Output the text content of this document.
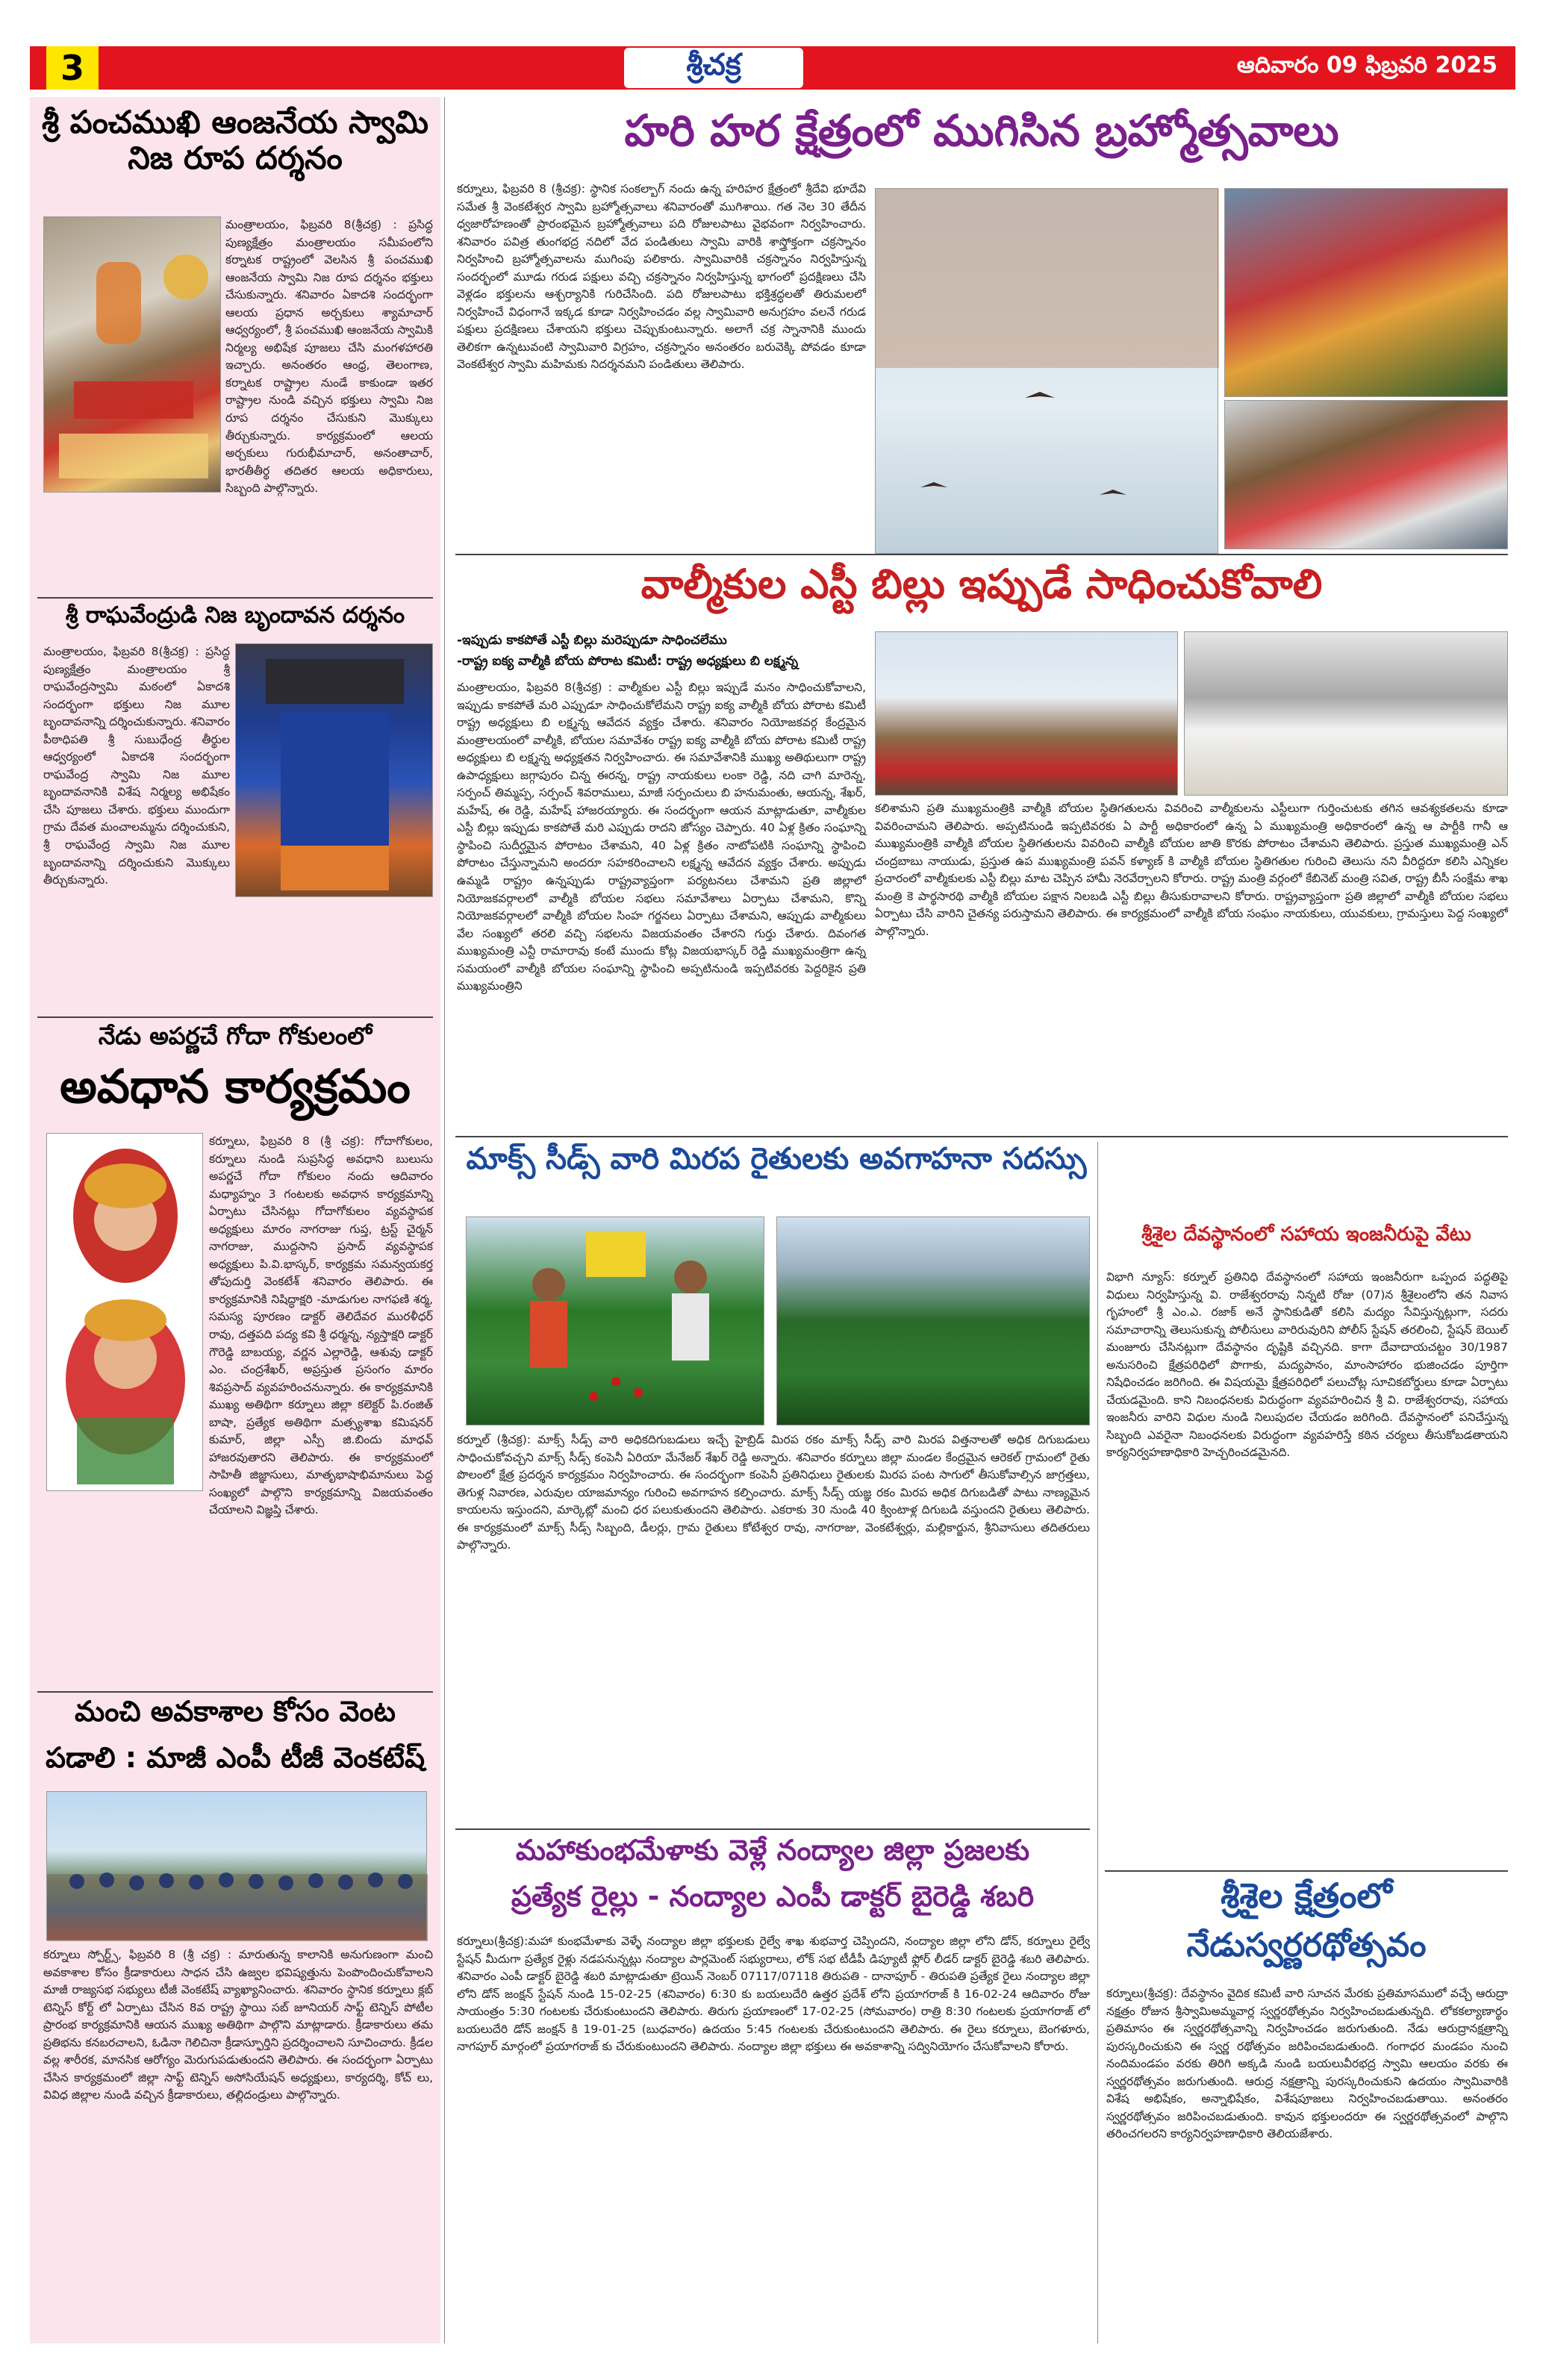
3	శ్రీచక్ర	ఆదివారం 09 ఫిబ్రవరి 2025
శ్రీ పంచముఖి ఆంజనేయ స్వామి నిజ రూప దర్శనం
మంత్రాలయం, ఫిబ్రవరి 8(శ్రీచక్ర) : ప్రసిద్ధ పుణ్యక్షేత్రం మంత్రాలయం సమీపంలోని కర్నాటక రాష్ట్రంలో వెలసిన శ్రీ పంచముఖి ఆంజనేయ స్వామి నిజ రూప దర్శనం భక్తులు చేసుకున్నారు. శనివారం ఏకాదశి సందర్భంగా ఆలయ ప్రధాన అర్చకులు శ్యామాచార్ ఆధ్వర్యంలో, శ్రీ పంచముఖి ఆంజనేయ స్వామికి నిర్మల్య అభిషేక పూజలు చేసి మంగళహారతి ఇచ్చారు. అనంతరం ఆంధ్ర, తెలంగాణ, కర్నాటక రాష్ట్రాల నుండే కాకుండా ఇతర రాష్ట్రాల నుండి వచ్చిన భక్తులు స్వామి నిజ రూప దర్శనం చేసుకుని మొక్కులు తీర్చుకున్నారు. కార్యక్రమంలో ఆలయ అర్చకులు గురుభీమాచార్, అనంతాచార్, భారతీతీర్థ తదితర ఆలయ అధికారులు, సిబ్బంది పాల్గొన్నారు.
శ్రీ రాఘవేంద్రుడి నిజ బృందావన దర్శనం
మంత్రాలయం, ఫిబ్రవరి 8(శ్రీచక్ర) : ప్రసిద్ధ పుణ్యక్షేత్రం మంత్రాలయం శ్రీ రాఘవేంద్రస్వామి మఠంలో ఏకాదశి సందర్భంగా భక్తులు నిజ మూల బృందావనాన్ని దర్శించుకున్నారు. శనివారం పీఠాధిపతి శ్రీ సుబుధేంద్ర తీర్థుల ఆధ్వర్యంలో ఏకాదశి సందర్భంగా రాఘవేంద్ర స్వామి నిజ మూల బృందావనానికి విశేష నిర్మల్య అభిషేకం చేసి పూజలు చేశారు. భక్తులు ముందుగా గ్రామ దేవత మంచాలమ్మను దర్శించుకుని, శ్రీ రాఘవేంద్ర స్వామి నిజ మూల బృందావనాన్ని దర్శించుకుని మొక్కులు తీర్చుకున్నారు.
నేడు అపర్ణచే గోదా గోకులంలో
అవధాన కార్యక్రమం
కర్నూలు, ఫిబ్రవరి 8 (శ్రీ చక్ర): గోదాగోకులం, కర్నూలు నుండి సుప్రసిద్ధ అవధాని బులుసు అపర్ణచే గోదా గోకులం నందు ఆదివారం మధ్యాహ్నం 3 గంటలకు అవధాన కార్యక్రమాన్ని ఏర్పాటు చేసినట్లు గోదాగోకులం వ్యవస్థాపక అధ్యక్షులు మారం నాగరాజు గుప్త, ట్రస్ట్ చైర్మన్ నాగరాజు, ముద్దసాని ప్రసాద్ వ్యవస్థాపక అధ్యక్షులు పి.వి.భాస్కర్, కార్యక్రమ సమన్వయకర్త తోపుదుర్తి వెంకటేశ్ శనివారం తెలిపారు. ఈ కార్యక్రమానికి నిషిద్ధాక్షరి -మాడుగుల నాగఫణి శర్మ, సమస్య పూరణం డాక్టర్ తెలిదేవర మురళీధర్ రావు, దత్తపది పద్య కవి శ్రీ ధర్మన్న, న్యస్తాక్షరి డాక్టర్ గౌరెడ్డి బాబయ్య, వర్ణన ఎల్లారెడ్డి, ఆశువు డాక్టర్ ఎం. చంద్రశేఖర్, అప్రస్తుత ప్రసంగం మారం శివప్రసాద్ వ్యవహరించనున్నారు. ఈ కార్యక్రమానికి ముఖ్య అతిథిగా కర్నూలు జిల్లా కలెక్టర్ పి.రంజిత్ బాషా, ప్రత్యేక అతిథిగా మత్స్యశాఖ కమిషనర్ కుమార్, జిల్లా ఎస్పీ జి.బిందు మాధవ్ హాజరవుతారని తెలిపారు. ఈ కార్యక్రమంలో సాహితీ జిజ్ఞాసులు, మాతృభాషాభిమానులు పెద్ద సంఖ్యలో పాల్గొని కార్యక్రమాన్ని విజయవంతం చేయాలని విజ్ఞప్తి చేశారు.
మంచి అవకాశాల కోసం వెంట
పడాలి : మాజీ ఎంపీ టీజీ వెంకటేష్
కర్నూలు స్పోర్ట్స్, ఫిబ్రవరి 8 (శ్రీ చక్ర) : మారుతున్న కాలానికి అనుగుణంగా మంచి అవకాశాల కోసం క్రీడాకారులు సాధన చేసి ఉజ్వల భవిష్యత్తును పెంపొందించుకోవాలని మాజీ రాజ్యసభ సభ్యులు టీజీ వెంకటేష్ వ్యాఖ్యానించారు. శనివారం స్థానిక కర్నూలు క్లబ్ టెన్నిస్ కోర్ట్ లో ఏర్పాటు చేసిన 8వ రాష్ట్ర స్థాయి సబ్ జూనియర్ సాఫ్ట్ టెన్నిస్ పోటీల ప్రారంభ కార్యక్రమానికి ఆయన ముఖ్య అతిథిగా పాల్గొని మాట్లాడారు. క్రీడాకారులు తమ ప్రతిభను కనబరచాలని, ఓడినా గెలిచినా క్రీడాస్ఫూర్తిని ప్రదర్శించాలని సూచించారు. క్రీడల వల్ల శారీరక, మానసిక ఆరోగ్యం మెరుగుపడుతుందని తెలిపారు. ఈ సందర్భంగా ఏర్పాటు చేసిన కార్యక్రమంలో జిల్లా సాఫ్ట్ టెన్నిస్ అసోసియేషన్ అధ్యక్షులు, కార్యదర్శి, కోచ్ లు, వివిధ జిల్లాల నుండి వచ్చిన క్రీడాకారులు, తల్లిదండ్రులు పాల్గొన్నారు.
హరి హర క్షేత్రంలో ముగిసిన బ్రహ్మోత్సవాలు
కర్నూలు, ఫిబ్రవరి 8 (శ్రీచక్ర): స్థానిక సంకల్బాగ్ నందు ఉన్న హరిహర క్షేత్రంలో శ్రీదేవి భూదేవి సమేత శ్రీ వెంకటేశ్వర స్వామి బ్రహ్మోత్సవాలు శనివారంతో ముగిశాయి. గత నెల 30 తేదీన ధ్వజారోహణంతో ప్రారంభమైన బ్రహ్మోత్సవాలు పది రోజులపాటు వైభవంగా నిర్వహించారు. శనివారం పవిత్ర తుంగభద్ర నదిలో వేద పండితులు స్వామి వారికి శాస్త్రోక్తంగా చక్రస్నానం నిర్వహించి బ్రహ్మోత్సవాలను ముగింపు పలికారు. స్వామివారికి చక్రస్నానం నిర్వహిస్తున్న సందర్భంలో మూడు గరుడ పక్షులు వచ్చి చక్రస్నానం నిర్వహిస్తున్న భాగంలో ప్రదక్షిణలు చేసి వెళ్లడం భక్తులను ఆశ్చర్యానికి గురిచేసింది. పది రోజులపాటు భక్తిశ్రద్ధలతో తిరుమలలో నిర్వహించే విధంగానే ఇక్కడ కూడా నిర్వహించడం వల్ల స్వామివారి అనుగ్రహం వలనే గరుడ పక్షులు ప్రదక్షిణలు చేశాయని భక్తులు చెప్పుకుంటున్నారు. అలాగే చక్ర స్నానానికి ముందు తెలికగా ఉన్నటువంటి స్వామివారి విగ్రహం, చక్రస్నానం అనంతరం బరువెక్కి పోవడం కూడా వెంకటేశ్వర స్వామి మహిమకు నిదర్శనమని పండితులు తెలిపారు.
వాల్మీకుల ఎస్టీ బిల్లు ఇప్పుడే సాధించుకోవాలి
-ఇప్పుడు కాకపోతే ఎస్టీ బిల్లు మరెప్పుడూ సాధించలేము
-రాష్ట్ర ఐక్య వాల్మీకి బోయ పోరాట కమిటీ: రాష్ట్ర అధ్యక్షులు బి లక్ష్మన్న
మంత్రాలయం, ఫిబ్రవరి 8(శ్రీచక్ర) : వాల్మీకుల ఎస్టీ బిల్లు ఇప్పుడే మనం సాధించుకోవాలని, ఇప్పుడు కాకపోతే మరి ఎప్పుడూ సాధించుకోలేమని రాష్ట్ర ఐక్య వాల్మీకి బోయ పోరాట కమిటీ రాష్ట్ర అధ్యక్షులు బి లక్ష్మన్న ఆవేదన వ్యక్తం చేశారు. శనివారం నియోజకవర్గ కేంద్రమైన మంత్రాలయంలో వాల్మీకి, బోయల సమావేశం రాష్ట్ర ఐక్య వాల్మీకి బోయ పోరాట కమిటీ రాష్ట్ర అధ్యక్షులు బి లక్ష్మన్న అధ్యక్షతన నిర్వహించారు. ఈ సమావేశానికి ముఖ్య అతిథులుగా రాష్ట్ర ఉపాధ్యక్షులు జగ్గాపురం చిన్న ఈరన్న, రాష్ట్ర నాయకులు లంకా రెడ్డి, నది చాగి మారెన్న, సర్పంచ్ తిమ్మప్ప, సర్పంచ్ శివరాములు, మాజీ సర్పంచులు బి హనుమంతు, ఆయన్న, శేఖర్, మహేష్, ఈ రెడ్డి, మహేష్ హాజరయ్యారు. ఈ సందర్భంగా ఆయన మాట్లాడుతూ, వాల్మీకుల ఎస్టీ బిల్లు ఇప్పుడు కాకపోతే మరి ఎప్పుడు రాదని జోస్యం చెప్పారు. 40 ఏళ్ల క్రితం సంఘాన్ని స్థాపించి సుదీర్ఘమైన పోరాటం చేశామని, 40 ఏళ్ల క్రితం నాటోపటికి సంఘాన్ని స్థాపించి పోరాటం చేస్తున్నామని అందరూ సహకరించాలని లక్ష్మన్న ఆవేదన వ్యక్తం చేశారు. అప్పుడు ఉమ్మడి రాష్ట్రం ఉన్నప్పుడు రాష్ట్రవ్యాప్తంగా పర్యటనలు చేశామని ప్రతి జిల్లాలో నియోజకవర్గాలలో వాల్మీకి బోయల సభలు సమావేశాలు ఏర్పాటు చేశామని, కొన్ని నియోజకవర్గాలలో వాల్మీకి బోయల సింహ గర్జనలు ఏర్పాటు చేశామని, ఆప్పుడు వాల్మీకులు వేల సంఖ్యలో తరలి వచ్చి సభలను విజయవంతం చేశారని గుర్తు చేశారు. దివంగత ముఖ్యమంత్రి ఎన్టీ రామారావు కంటే ముందు కోట్ల విజయభాస్కర్ రెడ్డి ముఖ్యమంత్రిగా ఉన్న సమయంలో వాల్మీకి బోయల సంఘాన్ని స్థాపించి అప్పటినుండి ఇప్పటివరకు పెద్దరికైన ప్రతి ముఖ్యమంత్రిని
కలిశామని ప్రతి ముఖ్యమంత్రికి వాల్మీకి బోయల స్థితిగతులను వివరించి వాల్మీకులను ఎస్టీలుగా గుర్తించుటకు తగిన ఆవశ్యకతలను కూడా వివరించామని తెలిపారు. అప్పటినుండి ఇప్పటివరకు ఏ పార్టీ అధికారంలో ఉన్న ఏ ముఖ్యమంత్రి అధికారంలో ఉన్న ఆ పార్టీకి గానీ ఆ ముఖ్యమంత్రికి వాల్మీకి బోయల స్థితిగతులను వివరించి వాల్మీకి బోయల జాతి కొరకు పోరాటం చేశామని తెలిపారు. ప్రస్తుత ముఖ్యమంత్రి ఎన్ చంద్రబాబు నాయుడు, ప్రస్తుత ఉప ముఖ్యమంత్రి పవన్ కళ్యాణ్ కి వాల్మీకి బోయల స్థితిగతుల గురించి తెలుసు నని వీరిద్దరూ కలిసి ఎన్నికల ప్రచారంలో వాల్మీకులకు ఎస్టీ బిల్లు మాట చెప్పిన హామీ నెరవేర్చాలని కోరారు. రాష్ట్ర మంత్రి వర్గంలో కేబినెట్ మంత్రి సవిత, రాష్ట్ర బీసీ సంక్షేమ శాఖ మంత్రి కె పార్థసారథి వాల్మీకి బోయల పక్షాన నిలబడి ఎస్టీ బిల్లు తీసుకురావాలని కోరారు. రాష్ట్రవ్యాప్తంగా ప్రతి జిల్లాలో వాల్మీకి బోయల సభలు ఏర్పాటు చేసి వారిని చైతన్య పరుస్తామని తెలిపారు. ఈ కార్యక్రమంలో వాల్మీకి బోయ సంఘం నాయకులు, యువకులు, గ్రామస్తులు పెద్ద సంఖ్యలో పాల్గొన్నారు.
మాక్స్ సీడ్స్ వారి మిరప రైతులకు అవగాహనా సదస్సు
కర్నూల్ (శ్రీచక్ర): మాక్స్ సీడ్స్ వారి అధికదిగుబడులు ఇచ్చే హైబ్రిడ్ మిరప రకం మాక్స్ సీడ్స్ వారి మిరప విత్తనాలతో అధిక దిగుబడులు సాధించుకోవచ్చని మాక్స్ సీడ్స్ కంపెనీ ఏరియా మేనేజర్ శేఖర్ రెడ్డి అన్నారు. శనివారం కర్నూలు జిల్లా మండల కేంద్రమైన ఆరెకల్ గ్రామంలో రైతు పొలంలో క్షేత్ర ప్రదర్శన కార్యక్రమం నిర్వహించారు. ఈ సందర్భంగా కంపెనీ ప్రతినిధులు రైతులకు మిరప పంట సాగులో తీసుకోవాల్సిన జాగ్రత్తలు, తెగుళ్ల నివారణ, ఎరువుల యాజమాన్యం గురించి అవగాహన కల్పించారు. మాక్స్ సీడ్స్ యజ్ఞ రకం మిరప అధిక దిగుబడితో పాటు నాణ్యమైన కాయలను ఇస్తుందని, మార్కెట్లో మంచి ధర పలుకుతుందని తెలిపారు. ఎకరాకు 30 నుండి 40 క్వింటాళ్ల దిగుబడి వస్తుందని రైతులు తెలిపారు. ఈ కార్యక్రమంలో మాక్స్ సీడ్స్ సిబ్బంది, డీలర్లు, గ్రామ రైతులు కోటేశ్వర రావు, నాగరాజు, వెంకటేశ్వర్లు, మల్లికార్జున, శ్రీనివాసులు తదితరులు పాల్గొన్నారు.
మహాకుంభమేళాకు వెళ్లే నంద్యాల జిల్లా ప్రజలకు
ప్రత్యేక రైల్లు - నంద్యాల ఎంపీ డాక్టర్ బైరెడ్డి శబరి
కర్నూలు(శ్రీచక్ర):మహా కుంభమేళాకు వెళ్ళే నంద్యాల జిల్లా భక్తులకు రైల్వే శాఖ శుభవార్త చెప్పిందని, నంద్యాల జిల్లా లోని డోన్, కర్నూలు రైల్వే స్టేషన్ మీదుగా ప్రత్యేక రైళ్లు నడపనున్నట్లు నంద్యాల పార్లమెంట్ సభ్యురాలు, లోక్ సభ టీడీపీ డిప్యూటీ ఫ్లోర్ లీడర్ డాక్టర్ బైరెడ్డి శబరి తెలిపారు. శనివారం ఎంపీ డాక్టర్ బైరెడ్డి శబరి మాట్లాడుతూ ట్రెయిన్ నెంబర్ 07117/07118 తిరుపతి - దానాపూర్ - తిరుపతి ప్రత్యేక రైలు నంద్యాల జిల్లా లోని డోన్ జంక్షన్ స్టేషన్ నుండి 15-02-25 (శనివారం) 6:30 కు బయలుదేరి ఉత్తర ప్రదేశ్ లోని ప్రయాగరాజ్ కి 16-02-24 ఆదివారం రోజు సాయంత్రం 5:30 గంటలకు చేరుకుంటుందని తెలిపారు. తిరుగు ప్రయాణంలో 17-02-25 (సోమవారం) రాత్రి 8:30 గంటలకు ప్రయాగరాజ్ లో బయలుదేరి డోన్ జంక్షన్ కి 19-01-25 (బుధవారం) ఉదయం 5:45 గంటలకు చేరుకుంటుందని తెలిపారు. ఈ రైలు కర్నూలు, బెంగళూరు, నాగపూర్ మార్గంలో ప్రయాగరాజ్ కు చేరుకుంటుందని తెలిపారు. నంద్యాల జిల్లా భక్తులు ఈ అవకాశాన్ని సద్వినియోగం చేసుకోవాలని కోరారు.
శ్రీశైల దేవస్థానంలో సహాయ ఇంజనీరుపై వేటు
విభాగి న్యూస్: కర్నూల్ ప్రతినిధి దేవస్థానంలో సహాయ ఇంజనీరుగా ఒప్పంద పద్ధతిపై విధులు నిర్వహిస్తున్న వి. రాజేశ్వరరావు నిన్నటి రోజు (07)న శ్రీశైలంలోని తన నివాస గృహంలో శ్రీ ఎం.ఎ. రజాక్ అనే స్థానికుడితో కలిసి మద్యం సేవిస్తున్నట్లుగా, సదరు సమాచారాన్ని తెలుసుకున్న పోలీసులు వారిరువురిని పోలీస్ స్టేషన్ తరలించి, స్టేషన్ బెయిల్ మంజూరు చేసినట్లుగా దేవస్థానం దృష్టికి వచ్చినది. కాగా దేవాదాయచట్టం 30/1987 అనుసరించి క్షేత్రపరిధిలో పొగాకు, మద్యపానం, మాంసాహారం భుజించడం పూర్తిగా నిషేధించడం జరిగింది. ఈ విషయమై క్షేత్రపరిధిలో పలుచోట్ల సూచికబోర్డులు కూడా ఏర్పాటు చేయడమైంది. కాని నిబంధనలకు విరుద్ధంగా వ్యవహరించిన శ్రీ వి. రాజేశ్వరరావు, సహాయ ఇంజనీరు వారిని విధుల నుండి నిలుపుదల చేయడం జరిగింది. దేవస్థానంలో పనిచేస్తున్న సిబ్బంది ఎవరైనా నిబంధనలకు విరుద్ధంగా వ్యవహరిస్తే కఠిన చర్యలు తీసుకోబడతాయని కార్యనిర్వహణాధికారి హెచ్చరించడమైనది.
శ్రీశైల క్షేత్రంలో
నేడుస్వర్ణరథోత్సవం
కర్నూలు(శ్రీచక్ర): దేవస్థానం వైదిక కమిటీ వారి సూచన మేరకు ప్రతిమాసములో వచ్చే ఆరుద్రా నక్షత్రం రోజున శ్రీస్వామిఅమ్మవార్ల స్వర్ణరథోత్సవం నిర్వహించబడుతున్నది. లోకకల్యాణార్థం ప్రతిమాసం ఈ స్వర్ణరథోత్సవాన్ని నిర్వహించడం జరుగుతుంది. నేడు ఆరుద్రానక్షత్రాన్ని పురస్కరించుకుని ఈ స్వర్ణ రథోత్సవం జరిపించబడుతుంది. గంగాధర మండపం నుంచి నందిమండపం వరకు తిరిగి అక్కడి నుండి బయలువీరభద్ర స్వామి ఆలయం వరకు ఈ స్వర్ణరథోత్సవం జరుగుతుంది. ఆరుద్ర నక్షత్రాన్ని పురస్కరించుకుని ఉదయం స్వామివారికి విశేష అభిషేకం, అన్నాభిషేకం, విశేషపూజలు నిర్వహించబడుతాయి. అనంతరం స్వర్ణరథోత్సవం జరిపించబడుతుంది. కావున భక్తులందరూ ఈ స్వర్ణరథోత్సవంలో పాల్గొని తరించగలరని కార్యనిర్వహణాధికారి తెలియజేశారు.
